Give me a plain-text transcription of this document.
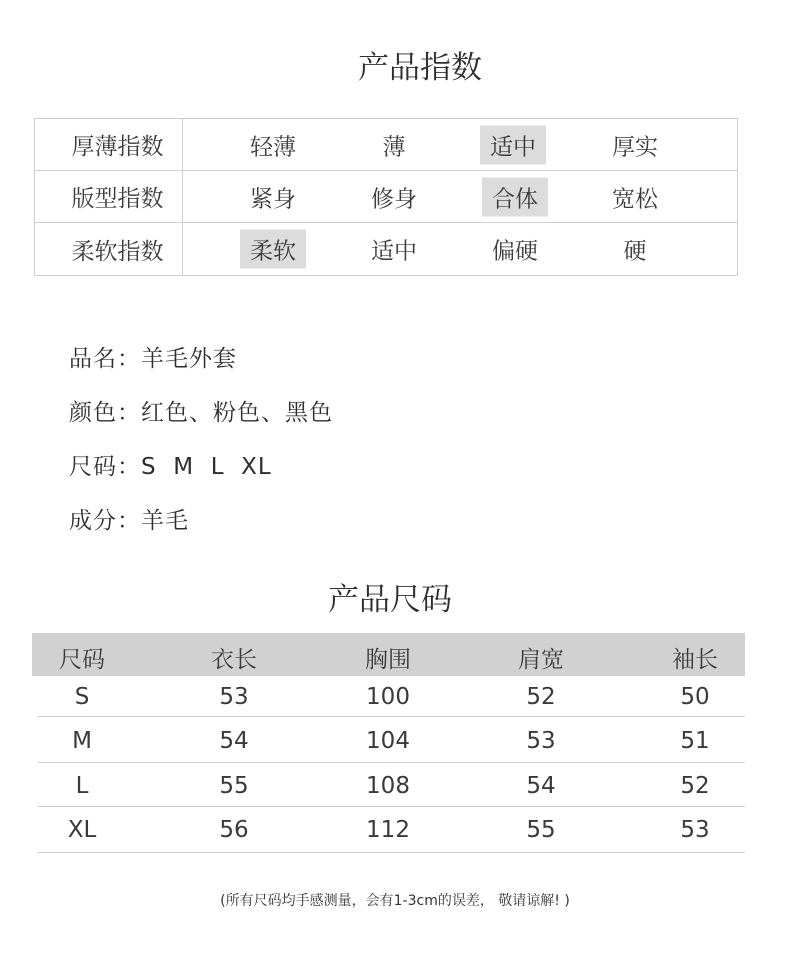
产品指数
厚薄指数	轻薄	薄	适中	厚实
版型指数	紧身	修身	合体	宽松
柔软指数	柔软	适中	偏硬	硬
品名：羊毛外套
颜色：红色、粉色、黑色
尺码：S  M  L  XL
成分：羊毛
产品尺码
尺码	衣长	胸围	肩宽	袖长
S	53	100	52	50
M	54	104	53	51
L	55	108	54	52
XL	56	112	55	53
(所有尺码均手感测量，会有1-3cm的误差， 敬请谅解! )
